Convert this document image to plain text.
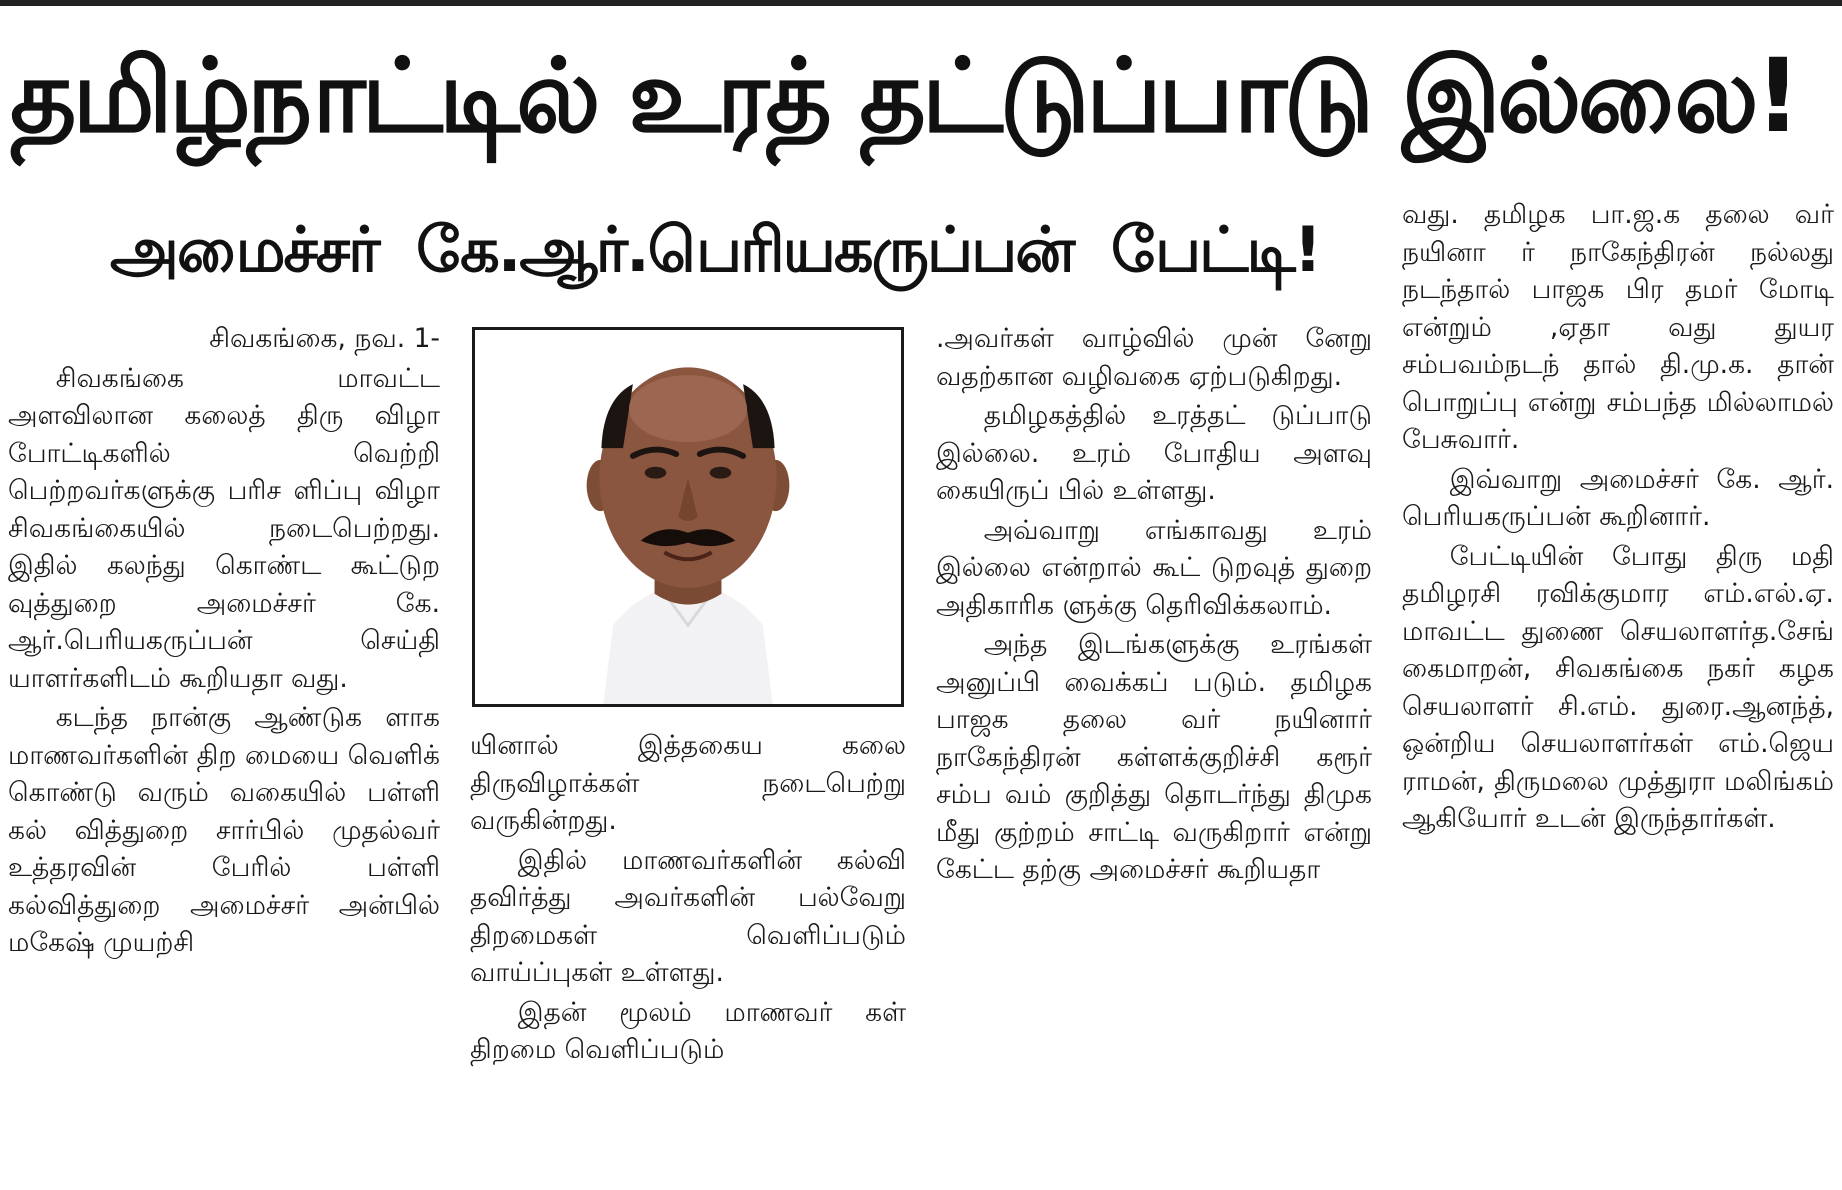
தமிழ்நாட்டில் உரத் தட்டுப்பாடு இல்லை!
அமைச்சர் கே.ஆர்.பெரியகருப்பன் பேட்டி!

சிவகங்கை, நவ. 1-

சிவகங்கை மாவட்ட அளவிலான கலைத் திரு விழா போட்டிகளில் வெற்றி பெற்றவர்களுக்கு பரிச ளிப்பு விழா சிவகங்கையில் நடைபெற்றது. இதில் கலந்து கொண்ட கூட்டுற வுத்துறை அமைச்சர் கே. ஆர்.பெரியகருப்பன் செய்தி யாளர்களிடம் கூறியதா வது.

கடந்த நான்கு ஆண்டுக ளாக மாணவர்களின் திற மையை வெளிக் கொண்டு வரும் வகையில் பள்ளி கல் வித்துறை சார்பில் முதல்வர் உத்தரவின் பேரில் பள்ளி கல்வித்துறை அமைச்சர் அன்பில் மகேஷ் முயற்சி

யினால் இத்தகைய கலை திருவிழாக்கள் நடைபெற்று வருகின்றது.

இதில் மாணவர்களின் கல்வி தவிர்த்து அவர்களின் பல்வேறு திறமைகள் வெளிப்படும் வாய்ப்புகள் உள்ளது.

இதன் மூலம் மாணவர் கள் திறமை வெளிப்படும்

.அவர்கள் வாழ்வில் முன் னேறு வதற்கான வழிவகை ஏற்படுகிறது.

தமிழகத்தில் உரத்தட் டுப்பாடு இல்லை. உரம் போதிய அளவு கையிருப் பில் உள்ளது.

அவ்வாறு எங்காவது உரம் இல்லை என்றால் கூட் டுறவுத் துறை அதிகாரிக ளுக்கு தெரிவிக்கலாம்.

அந்த இடங்களுக்கு உரங்கள் அனுப்பி வைக்கப் படும். தமிழக பாஜக தலை வர் நயினார் நாகேந்திரன் கள்ளக்குறிச்சி கரூர் சம்ப வம் குறித்து தொடர்ந்து திமுக மீது குற்றம் சாட்டி வருகிறார் என்று கேட்ட தற்கு அமைச்சர் கூறியதா

வது. தமிழக பா.ஜ.க தலை வர் நயினா ர் நாகேந்திரன் நல்லது நடந்தால் பாஜக பிர தமர் மோடி என்றும் ,ஏதா வது துயர சம்பவம்நடந் தால் தி.மு.க. தான் பொறுப்பு என்று சம்பந்த மில்லாமல் பேசுவார்.

இவ்வாறு அமைச்சர் கே. ஆர். பெரியகருப்பன் கூறினார்.

பேட்டியின் போது திரு மதி தமிழரசி ரவிக்குமார எம்.எல்.ஏ. மாவட்ட துணை செயலாளர்த.சேங் கைமாறன், சிவகங்கை நகர் கழக செயலாளர் சி.எம். துரை.ஆனந்த், ஒன்றிய செயலாளர்கள் எம்.ஜெய ராமன், திருமலை முத்துரா மலிங்கம் ஆகியோர் உடன் இருந்தார்கள்.
